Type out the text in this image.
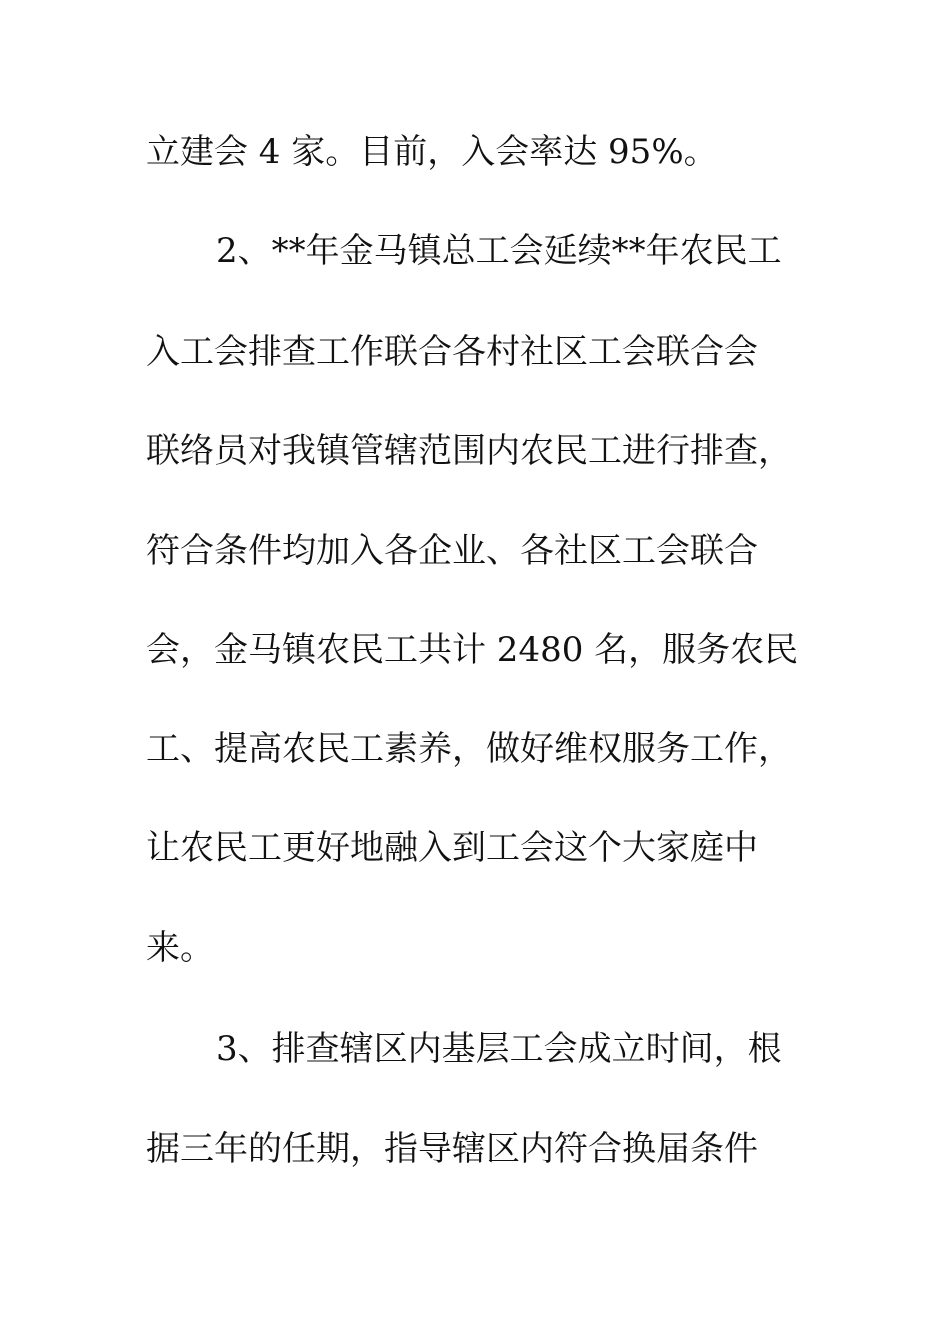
立建会 4 家。目前，入会率达 95%。
2、**年金马镇总工会延续**年农民工
入工会排查工作联合各村社区工会联合会
联络员对我镇管辖范围内农民工进行排查，
符合条件均加入各企业、各社区工会联合
会，金马镇农民工共计 2480 名，服务农民
工、提高农民工素养，做好维权服务工作，
让农民工更好地融入到工会这个大家庭中
来。
3、排查辖区内基层工会成立时间，根
据三年的任期，指导辖区内符合换届条件
